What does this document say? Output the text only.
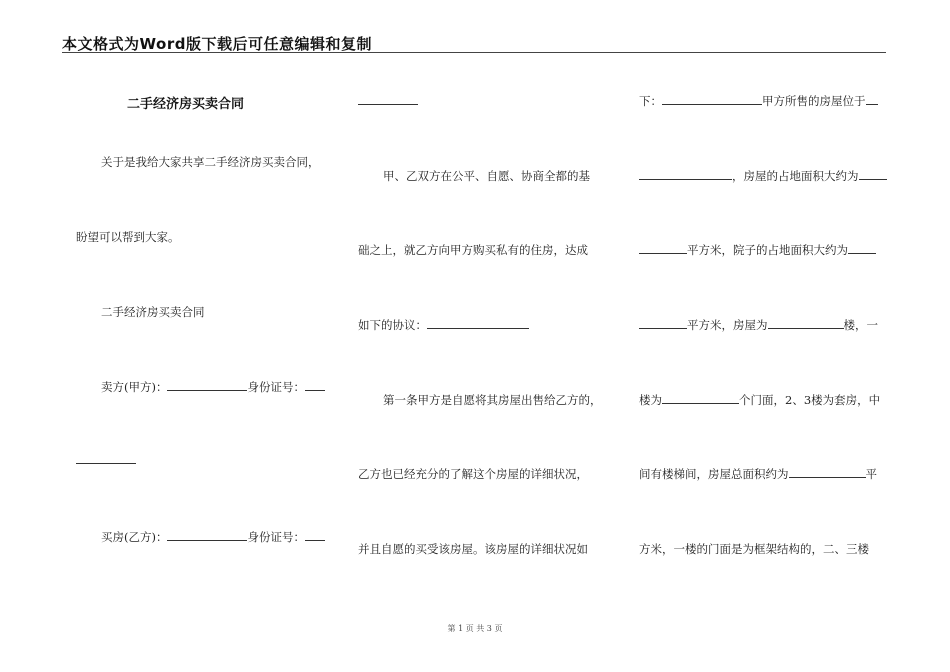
本文格式为Word版下载后可任意编辑和复制
二手经济房买卖合同
关于是我给大家共享二手经济房买卖合同，
盼望可以帮到大家。
二手经济房买卖合同
卖方(甲方)：	身份证号：
买房(乙方)：	身份证号：
甲、乙双方在公平、自愿、协商全都的基
础之上，就乙方向甲方购买私有的住房，达成
如下的协议：
第一条甲方是自愿将其房屋出售给乙方的，
乙方也已经充分的了解这个房屋的详细状况，
并且自愿的买受该房屋。该房屋的详细状况如
下：	甲方所售的房屋位于
，房屋的占地面积大约为
平方米，院子的占地面积大约为
平方米，房屋为	楼，一
楼为	个门面，2、3楼为套房，中
间有楼梯间，房屋总面积约为	平
方米，一楼的门面是为框架结构的，二、三楼
第 1 页 共 3 页
